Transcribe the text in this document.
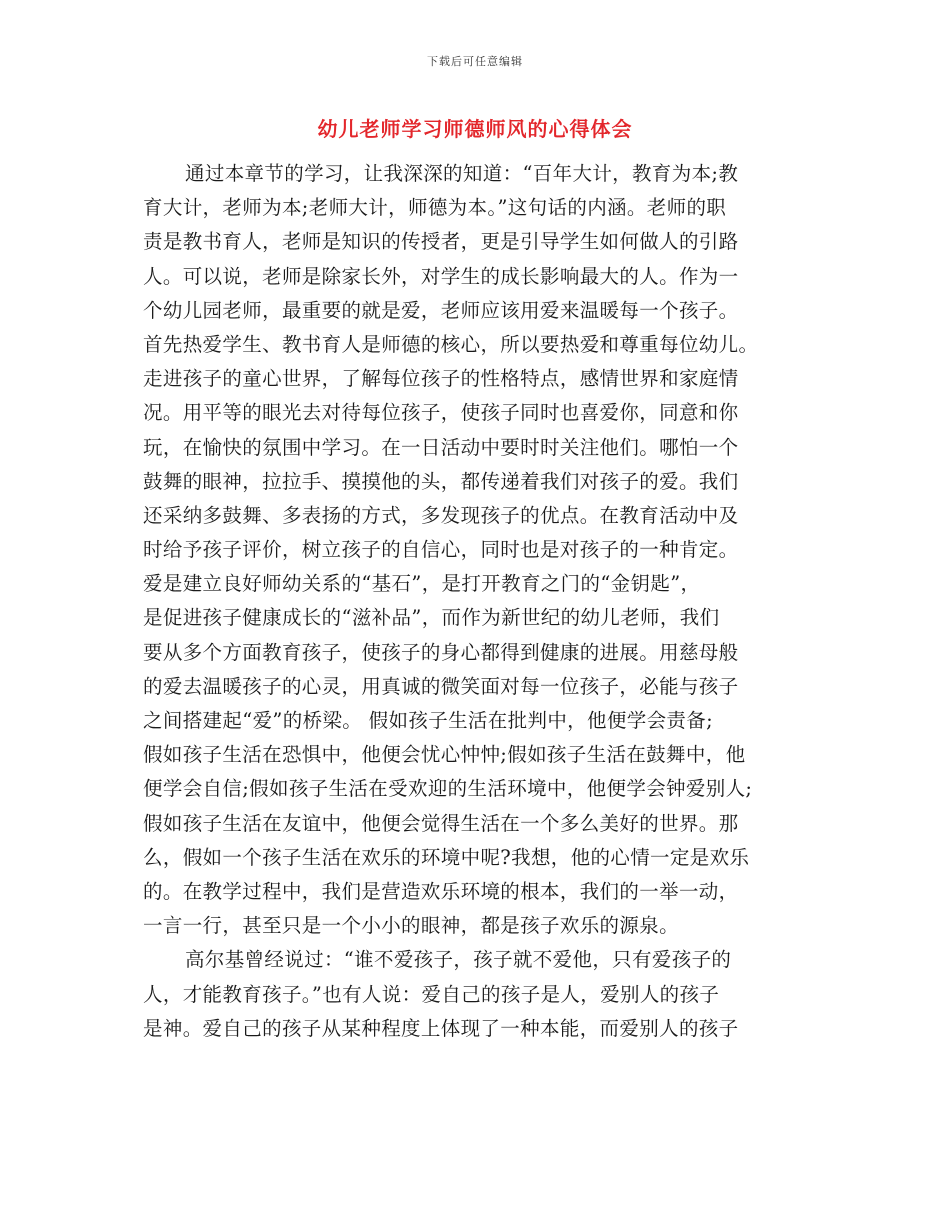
下载后可任意编辑
幼儿老师学习师德师风的心得体会
通过本章节的学习，让我深深的知道：“百年大计，教育为本;教
育大计，老师为本;老师大计，师德为本。”这句话的内涵。老师的职
责是教书育人，老师是知识的传授者，更是引导学生如何做人的引路
人。可以说，老师是除家长外，对学生的成长影响最大的人。作为一
个幼儿园老师，最重要的就是爱，老师应该用爱来温暖每一个孩子。
首先热爱学生、教书育人是师德的核心，所以要热爱和尊重每位幼儿。
走进孩子的童心世界，了解每位孩子的性格特点，感情世界和家庭情
况。用平等的眼光去对待每位孩子，使孩子同时也喜爱你，同意和你
玩，在愉快的氛围中学习。在一日活动中要时时关注他们。哪怕一个
鼓舞的眼神，拉拉手、摸摸他的头，都传递着我们对孩子的爱。我们
还采纳多鼓舞、多表扬的方式，多发现孩子的优点。在教育活动中及
时给予孩子评价，树立孩子的自信心，同时也是对孩子的一种肯定。
爱是建立良好师幼关系的“基石”，是打开教育之门的“金钥匙”，
是促进孩子健康成长的“滋补品”，而作为新世纪的幼儿老师，我们
要从多个方面教育孩子，使孩子的身心都得到健康的进展。用慈母般
的爱去温暖孩子的心灵，用真诚的微笑面对每一位孩子，必能与孩子
之间搭建起“爱”的桥梁。 假如孩子生活在批判中，他便学会责备;
假如孩子生活在恐惧中，他便会忧心忡忡;假如孩子生活在鼓舞中，他
便学会自信;假如孩子生活在受欢迎的生活环境中，他便学会钟爱别人;
假如孩子生活在友谊中，他便会觉得生活在一个多么美好的世界。那
么，假如一个孩子生活在欢乐的环境中呢?我想，他的心情一定是欢乐
的。在教学过程中，我们是营造欢乐环境的根本，我们的一举一动，
一言一行，甚至只是一个小小的眼神，都是孩子欢乐的源泉。
高尔基曾经说过：“谁不爱孩子，孩子就不爱他，只有爱孩子的
人，才能教育孩子。”也有人说：爱自己的孩子是人，爱别人的孩子
是神。爱自己的孩子从某种程度上体现了一种本能，而爱别人的孩子
